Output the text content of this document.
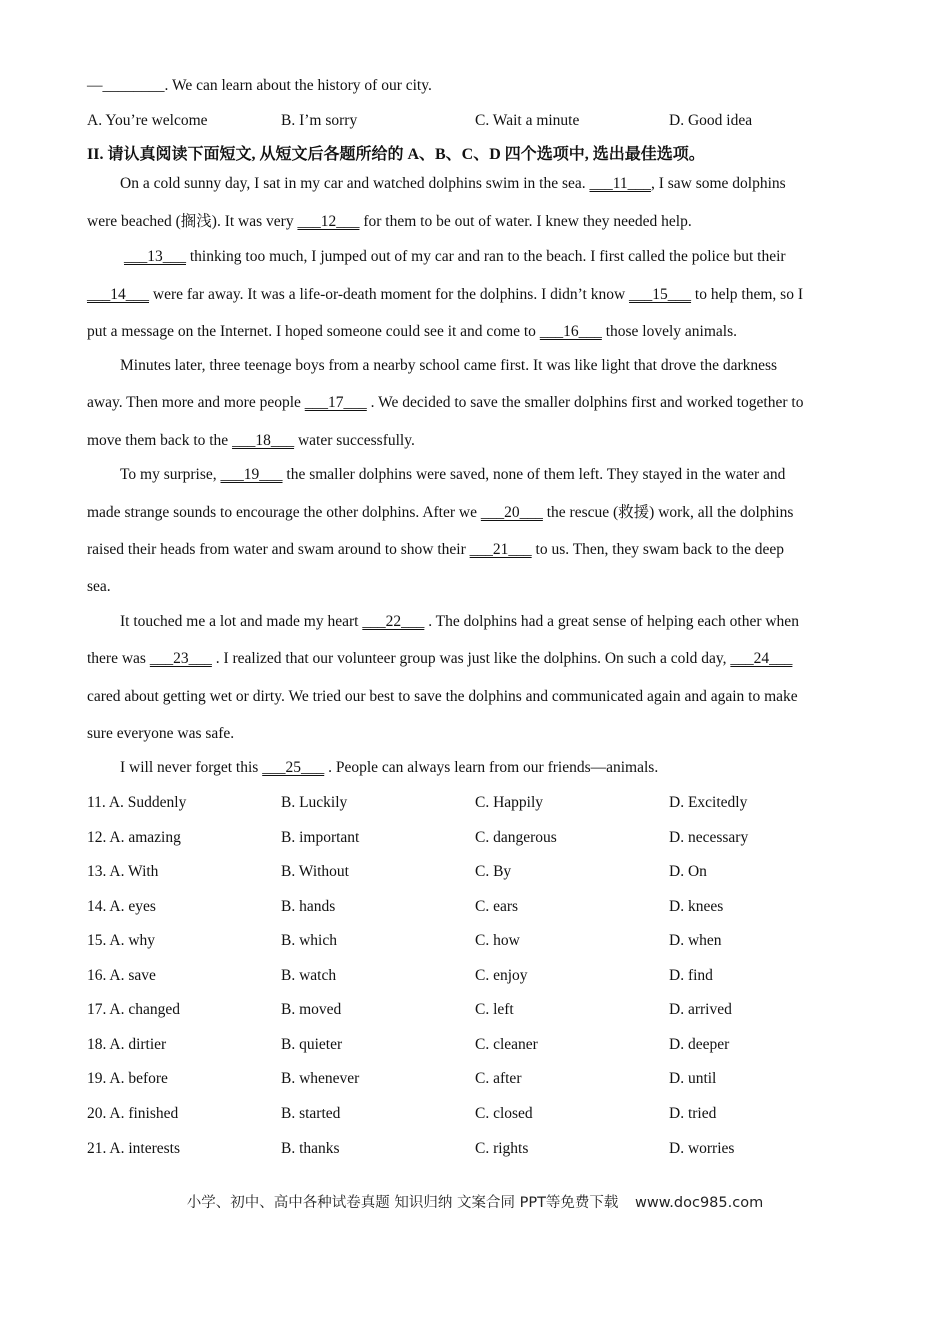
—________. We can learn about the history of our city.
A. You’re welcome	B. I’m sorry	C. Wait a minute	D. Good idea
II. 请认真阅读下面短文, 从短文后各题所给的 A、B、C、D 四个选项中, 选出最佳选项。
On a cold sunny day, I sat in my car and watched dolphins swim in the sea. ___11___, I saw some dolphins
were beached (搁浅). It was very ___12___ for them to be out of water. I knew they needed help.
___13___ thinking too much, I jumped out of my car and ran to the beach. I first called the police but their
___14___ were far away. It was a life-or-death moment for the dolphins. I didn’t know ___15___ to help them, so I
put a message on the Internet. I hoped someone could see it and come to ___16___ those lovely animals.
Minutes later, three teenage boys from a nearby school came first. It was like light that drove the darkness
away. Then more and more people ___17___ . We decided to save the smaller dolphins first and worked together to
move them back to the ___18___ water successfully.
To my surprise, ___19___ the smaller dolphins were saved, none of them left. They stayed in the water and
made strange sounds to encourage the other dolphins. After we ___20___ the rescue (救援) work, all the dolphins
raised their heads from water and swam around to show their ___21___ to us. Then, they swam back to the deep
sea.
It touched me a lot and made my heart ___22___ . The dolphins had a great sense of helping each other when
there was ___23___ . I realized that our volunteer group was just like the dolphins. On such a cold day, ___24___
cared about getting wet or dirty. We tried our best to save the dolphins and communicated again and again to make
sure everyone was safe.
I will never forget this ___25___ . People can always learn from our friends—animals.
11. A. Suddenly	B. Luckily	C. Happily	D. Excitedly
12. A. amazing	B. important	C. dangerous	D. necessary
13. A. With	B. Without	C. By	D. On
14. A. eyes	B. hands	C. ears	D. knees
15. A. why	B. which	C. how	D. when
16. A. save	B. watch	C. enjoy	D. find
17. A. changed	B. moved	C. left	D. arrived
18. A. dirtier	B. quieter	C. cleaner	D. deeper
19. A. before	B. whenever	C. after	D. until
20. A. finished	B. started	C. closed	D. tried
21. A. interests	B. thanks	C. rights	D. worries
小学、初中、高中各种试卷真题 知识归纳 文案合同 PPT等免费下载 www.doc985.com
